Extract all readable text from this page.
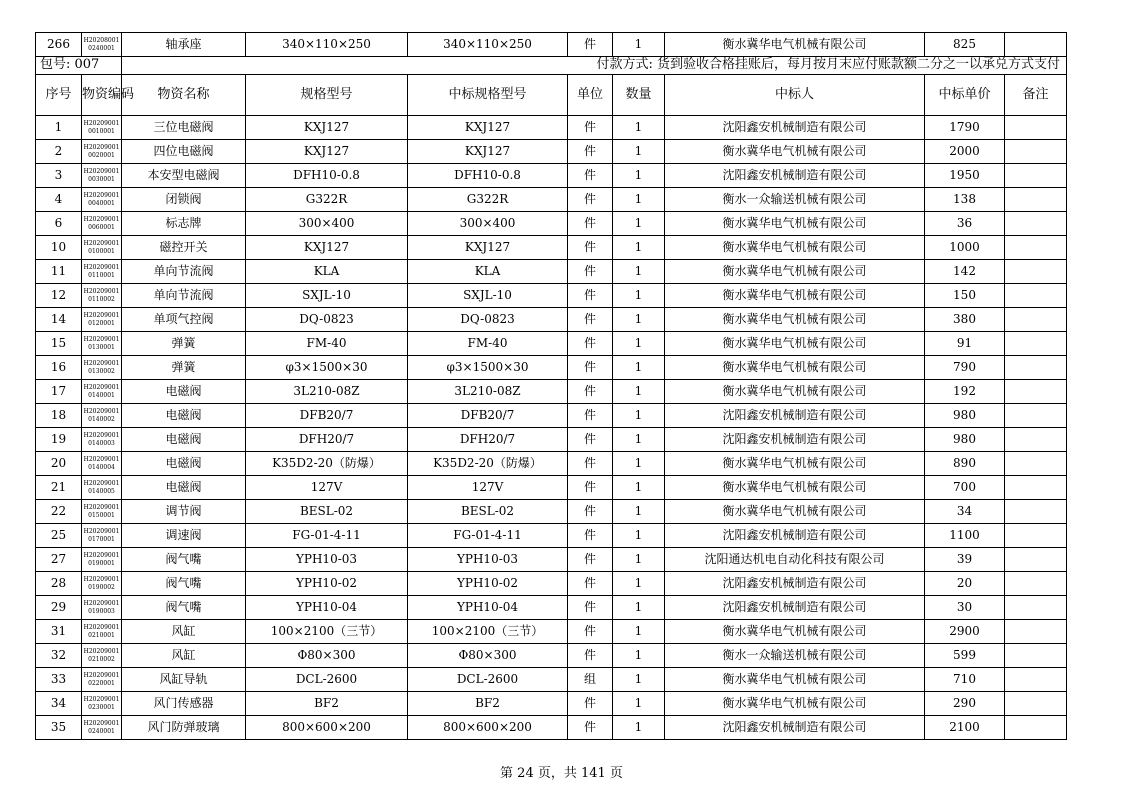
266	H20208001 0240001	轴承座	340×110×250	340×110×250	件	1	衡水冀华电气机械有限公司	825	
包号: 007		付款方式: 货到验收合格挂账后，每月按月末应付账款额二分之一以承兑方式支付							
序号	物资编码	物资名称	规格型号	中标规格型号	单位	数量	中标人	中标单价	备注
1	H20209001 0010001	三位电磁阀	KXJ127	KXJ127	件	1	沈阳鑫安机械制造有限公司	1790	
2	H20209001 0020001	四位电磁阀	KXJ127	KXJ127	件	1	衡水冀华电气机械有限公司	2000	
3	H20209001 0030001	本安型电磁阀	DFH10-0.8	DFH10-0.8	件	1	沈阳鑫安机械制造有限公司	1950	
4	H20209001 0040001	闭锁阀	G322R	G322R	件	1	衡水一众输送机械有限公司	138	
6	H20209001 0060001	标志牌	300×400	300×400	件	1	衡水冀华电气机械有限公司	36	
10	H20209001 0100001	磁控开关	KXJ127	KXJ127	件	1	衡水冀华电气机械有限公司	1000	
11	H20209001 0110001	单向节流阀	KLA	KLA	件	1	衡水冀华电气机械有限公司	142	
12	H20209001 0110002	单向节流阀	SXJL-10	SXJL-10	件	1	衡水冀华电气机械有限公司	150	
14	H20209001 0120001	单项气控阀	DQ-0823	DQ-0823	件	1	衡水冀华电气机械有限公司	380	
15	H20209001 0130001	弹簧	FM-40	FM-40	件	1	衡水冀华电气机械有限公司	91	
16	H20209001 0130002	弹簧	φ3×1500×30	φ3×1500×30	件	1	衡水冀华电气机械有限公司	790	
17	H20209001 0140001	电磁阀	3L210-08Z	3L210-08Z	件	1	衡水冀华电气机械有限公司	192	
18	H20209001 0140002	电磁阀	DFB20/7	DFB20/7	件	1	沈阳鑫安机械制造有限公司	980	
19	H20209001 0140003	电磁阀	DFH20/7	DFH20/7	件	1	沈阳鑫安机械制造有限公司	980	
20	H20209001 0140004	电磁阀	K35D2-20（防爆）	K35D2-20（防爆）	件	1	衡水冀华电气机械有限公司	890	
21	H20209001 0140005	电磁阀	127V	127V	件	1	衡水冀华电气机械有限公司	700	
22	H20209001 0150001	调节阀	BESL-02	BESL-02	件	1	衡水冀华电气机械有限公司	34	
25	H20209001 0170001	调速阀	FG-01-4-11	FG-01-4-11	件	1	沈阳鑫安机械制造有限公司	1100	
27	H20209001 0190001	阀气嘴	YPH10-03	YPH10-03	件	1	沈阳通达机电自动化科技有限公司	39	
28	H20209001 0190002	阀气嘴	YPH10-02	YPH10-02	件	1	沈阳鑫安机械制造有限公司	20	
29	H20209001 0190003	阀气嘴	YPH10-04	YPH10-04	件	1	沈阳鑫安机械制造有限公司	30	
31	H20209001 0210001	风缸	100×2100（三节）	100×2100（三节）	件	1	衡水冀华电气机械有限公司	2900	
32	H20209001 0210002	风缸	Φ80×300	Φ80×300	件	1	衡水一众输送机械有限公司	599	
33	H20209001 0220001	风缸导轨	DCL-2600	DCL-2600	组	1	衡水冀华电气机械有限公司	710	
34	H20209001 0230001	风门传感器	BF2	BF2	件	1	衡水冀华电气机械有限公司	290	
35	H20209001 0240001	风门防弹玻璃	800×600×200	800×600×200	件	1	沈阳鑫安机械制造有限公司	2100	
第 24 页，共 141 页
